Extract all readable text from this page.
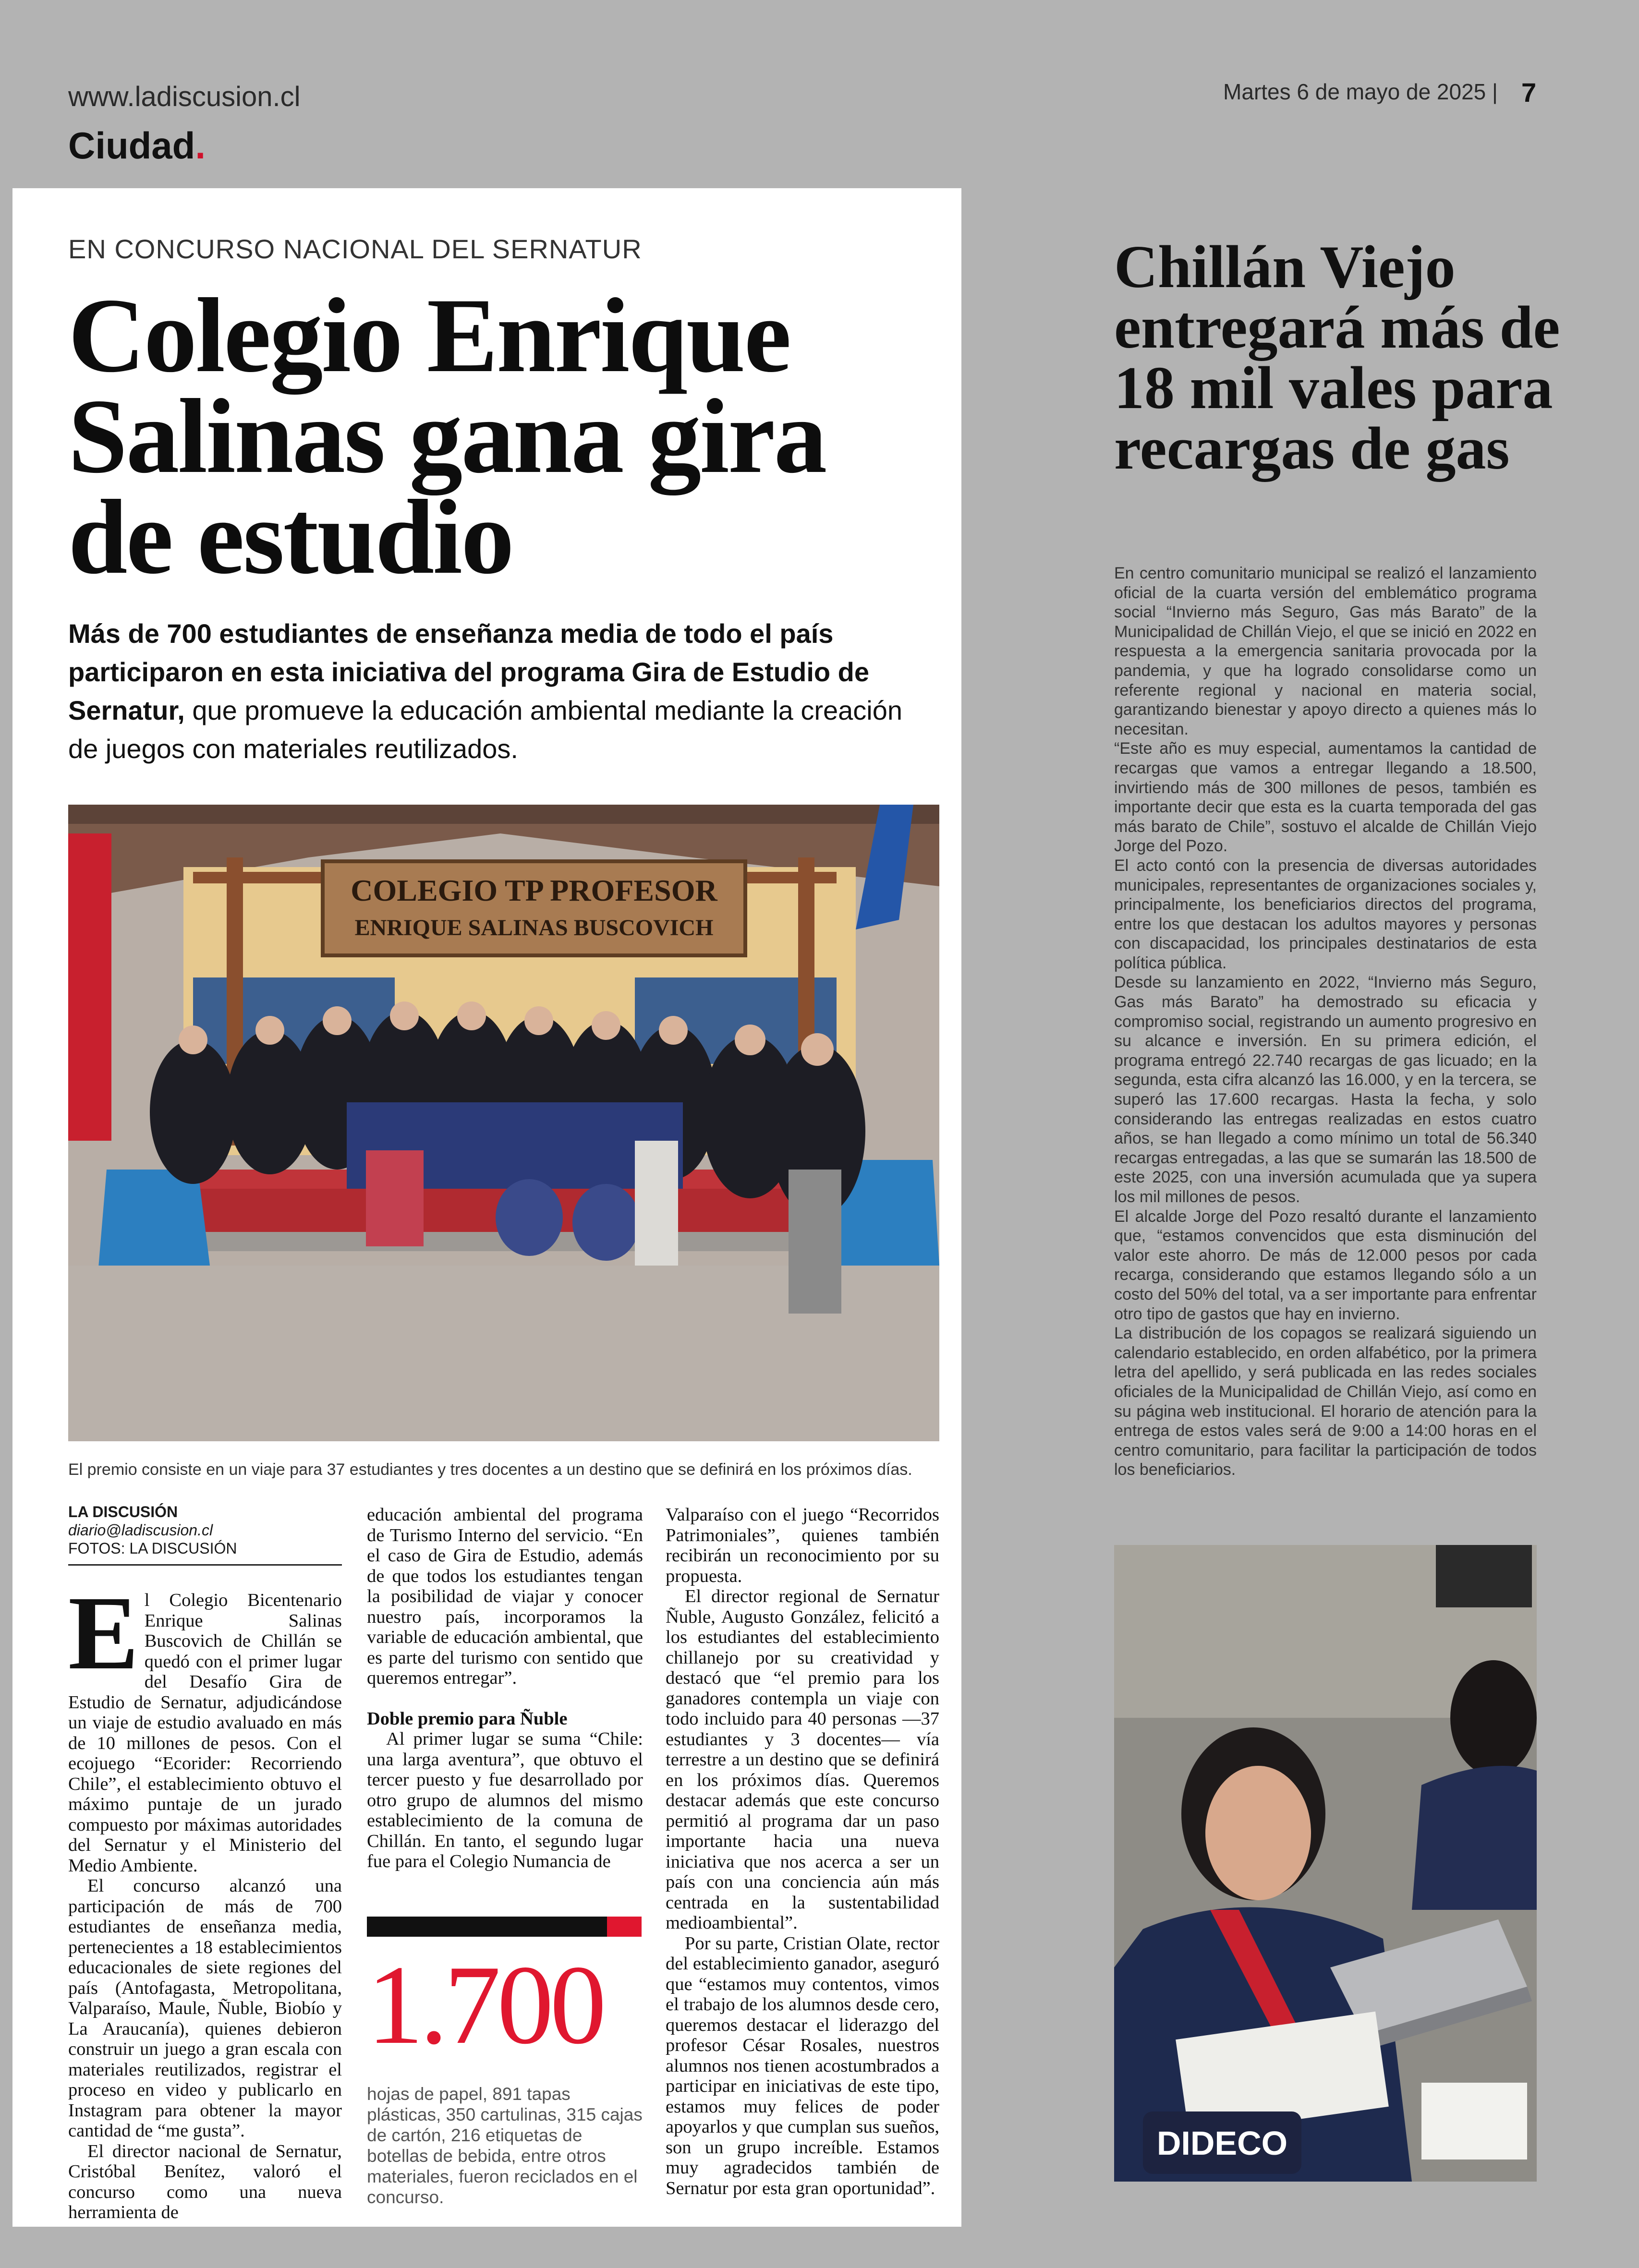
www.ladiscusion.cl
Ciudad.
Martes 6 de mayo de 2025 | 7
EN CONCURSO NACIONAL DEL SERNATUR
Colegio Enrique Salinas gana gira de estudio
Más de 700 estudiantes de enseñanza media de todo el país participaron en esta iniciativa del programa Gira de Estudio de Sernatur, que promueve la educación ambiental mediante la creación de juegos con materiales reutilizados.
COLEGIO TP PROFESOR
ENRIQUE SALINAS BUSCOVICH
El premio consiste en un viaje para 37 estudiantes y tres docentes a un destino que se definirá en los próximos días.
LA DISCUSIÓN
diario@ladiscusion.cl
FOTOS: LA DISCUSIÓN

El Colegio Bicentenario Enrique Salinas Buscovich de Chillán se quedó con el primer lugar del Desafío Gira de Estudio de Sernatur, adjudicándose un viaje de estudio avaluado en más de 10 millones de pesos. Con el ecojuego “Ecorider: Recorriendo Chile”, el establecimiento obtuvo el máximo puntaje de un jurado compuesto por máximas autoridades del Sernatur y el Ministerio del Medio Ambiente.

El concurso alcanzó una participación de más de 700 estudiantes de enseñanza media, pertenecientes a 18 establecimientos educacionales de siete regiones del país (Antofagasta, Metropolitana, Valparaíso, Maule, Ñuble, Biobío y La Araucanía), quienes debieron construir un juego a gran escala con materiales reutilizados, registrar el proceso en video y publicarlo en Instagram para obtener la mayor cantidad de “me gusta”.

El director nacional de Sernatur, Cristóbal Benítez, valoró el concurso como una nueva herramienta de

educación ambiental del programa de Turismo Interno del servicio. “En el caso de Gira de Estudio, además de que todos los estudiantes tengan la posibilidad de viajar y conocer nuestro país, incorporamos la variable de educación ambiental, que es parte del turismo con sentido que queremos entregar”.

Doble premio para Ñuble

Al primer lugar se suma “Chile: una larga aventura”, que obtuvo el tercer puesto y fue desarrollado por otro grupo de alumnos del mismo establecimiento de la comuna de Chillán. En tanto, el segundo lugar fue para el Colegio Numancia de

1.700
hojas de papel, 891 tapas plásticas, 350 cartulinas, 315 cajas de cartón, 216 etiquetas de botellas de bebida, entre otros materiales, fueron reciclados en el concurso.

Valparaíso con el juego “Recorridos Patrimoniales”, quienes también recibirán un reconocimiento por su propuesta.

El director regional de Sernatur Ñuble, Augusto González, felicitó a los estudiantes del establecimiento chillanejo por su creatividad y destacó que “el premio para los ganadores contempla un viaje con todo incluido para 40 personas —37 estudiantes y 3 docentes— vía terrestre a un destino que se definirá en los próximos días. Queremos destacar además que este concurso permitió al programa dar un paso importante hacia una nueva iniciativa que nos acerca a ser un país con una conciencia aún más centrada en la sustentabilidad medioambiental”.

Por su parte, Cristian Olate, rector del establecimiento ganador, aseguró que “estamos muy contentos, vimos el trabajo de los alumnos desde cero, queremos destacar el liderazgo del profesor César Rosales, nuestros alumnos nos tienen acostumbrados a participar en iniciativas de este tipo, estamos muy felices de poder apoyarlos y que cumplan sus sueños, son un grupo increíble. Estamos muy agradecidos también de Sernatur por esta gran oportunidad”.

Chillán Viejo entregará más de 18 mil vales para recargas de gas

En centro comunitario municipal se realizó el lanzamiento oficial de la cuarta versión del emblemático programa social “Invierno más Seguro, Gas más Barato” de la Municipalidad de Chillán Viejo, el que se inició en 2022 en respuesta a la emergencia sanitaria provocada por la pandemia, y que ha logrado consolidarse como un referente regional y nacional en materia social, garantizando bienestar y apoyo directo a quienes más lo necesitan.

“Este año es muy especial, aumentamos la cantidad de recargas que vamos a entregar llegando a 18.500, invirtiendo más de 300 millones de pesos, también es importante decir que esta es la cuarta temporada del gas más barato de Chile”, sostuvo el alcalde de Chillán Viejo Jorge del Pozo.

El acto contó con la presencia de diversas autoridades municipales, representantes de organizaciones sociales y, principalmente, los beneficiarios directos del programa, entre los que destacan los adultos mayores y personas con discapacidad, los principales destinatarios de esta política pública.

Desde su lanzamiento en 2022, “Invierno más Seguro, Gas más Barato” ha demostrado su eficacia y compromiso social, registrando un aumento progresivo en su alcance e inversión. En su primera edición, el programa entregó 22.740 recargas de gas licuado; en la segunda, esta cifra alcanzó las 16.000, y en la tercera, se superó las 17.600 recargas. Hasta la fecha, y solo considerando las entregas realizadas en estos cuatro años, se han llegado a como mínimo un total de 56.340 recargas entregadas, a las que se sumarán las 18.500 de este 2025, con una inversión acumulada que ya supera los mil millones de pesos.

El alcalde Jorge del Pozo resaltó durante el lanzamiento que, “estamos convencidos que esta disminución del valor este ahorro. De más de 12.000 pesos por cada recarga, considerando que estamos llegando sólo a un costo del 50% del total, va a ser importante para enfrentar otro tipo de gastos que hay en invierno.

La distribución de los copagos se realizará siguiendo un calendario establecido, en orden alfabético, por la primera letra del apellido, y será publicada en las redes sociales oficiales de la Municipalidad de Chillán Viejo, así como en su página web institucional. El horario de atención para la entrega de estos vales será de 9:00 a 14:00 horas en el centro comunitario, para facilitar la participación de todos los beneficiarios.

DIDECO
